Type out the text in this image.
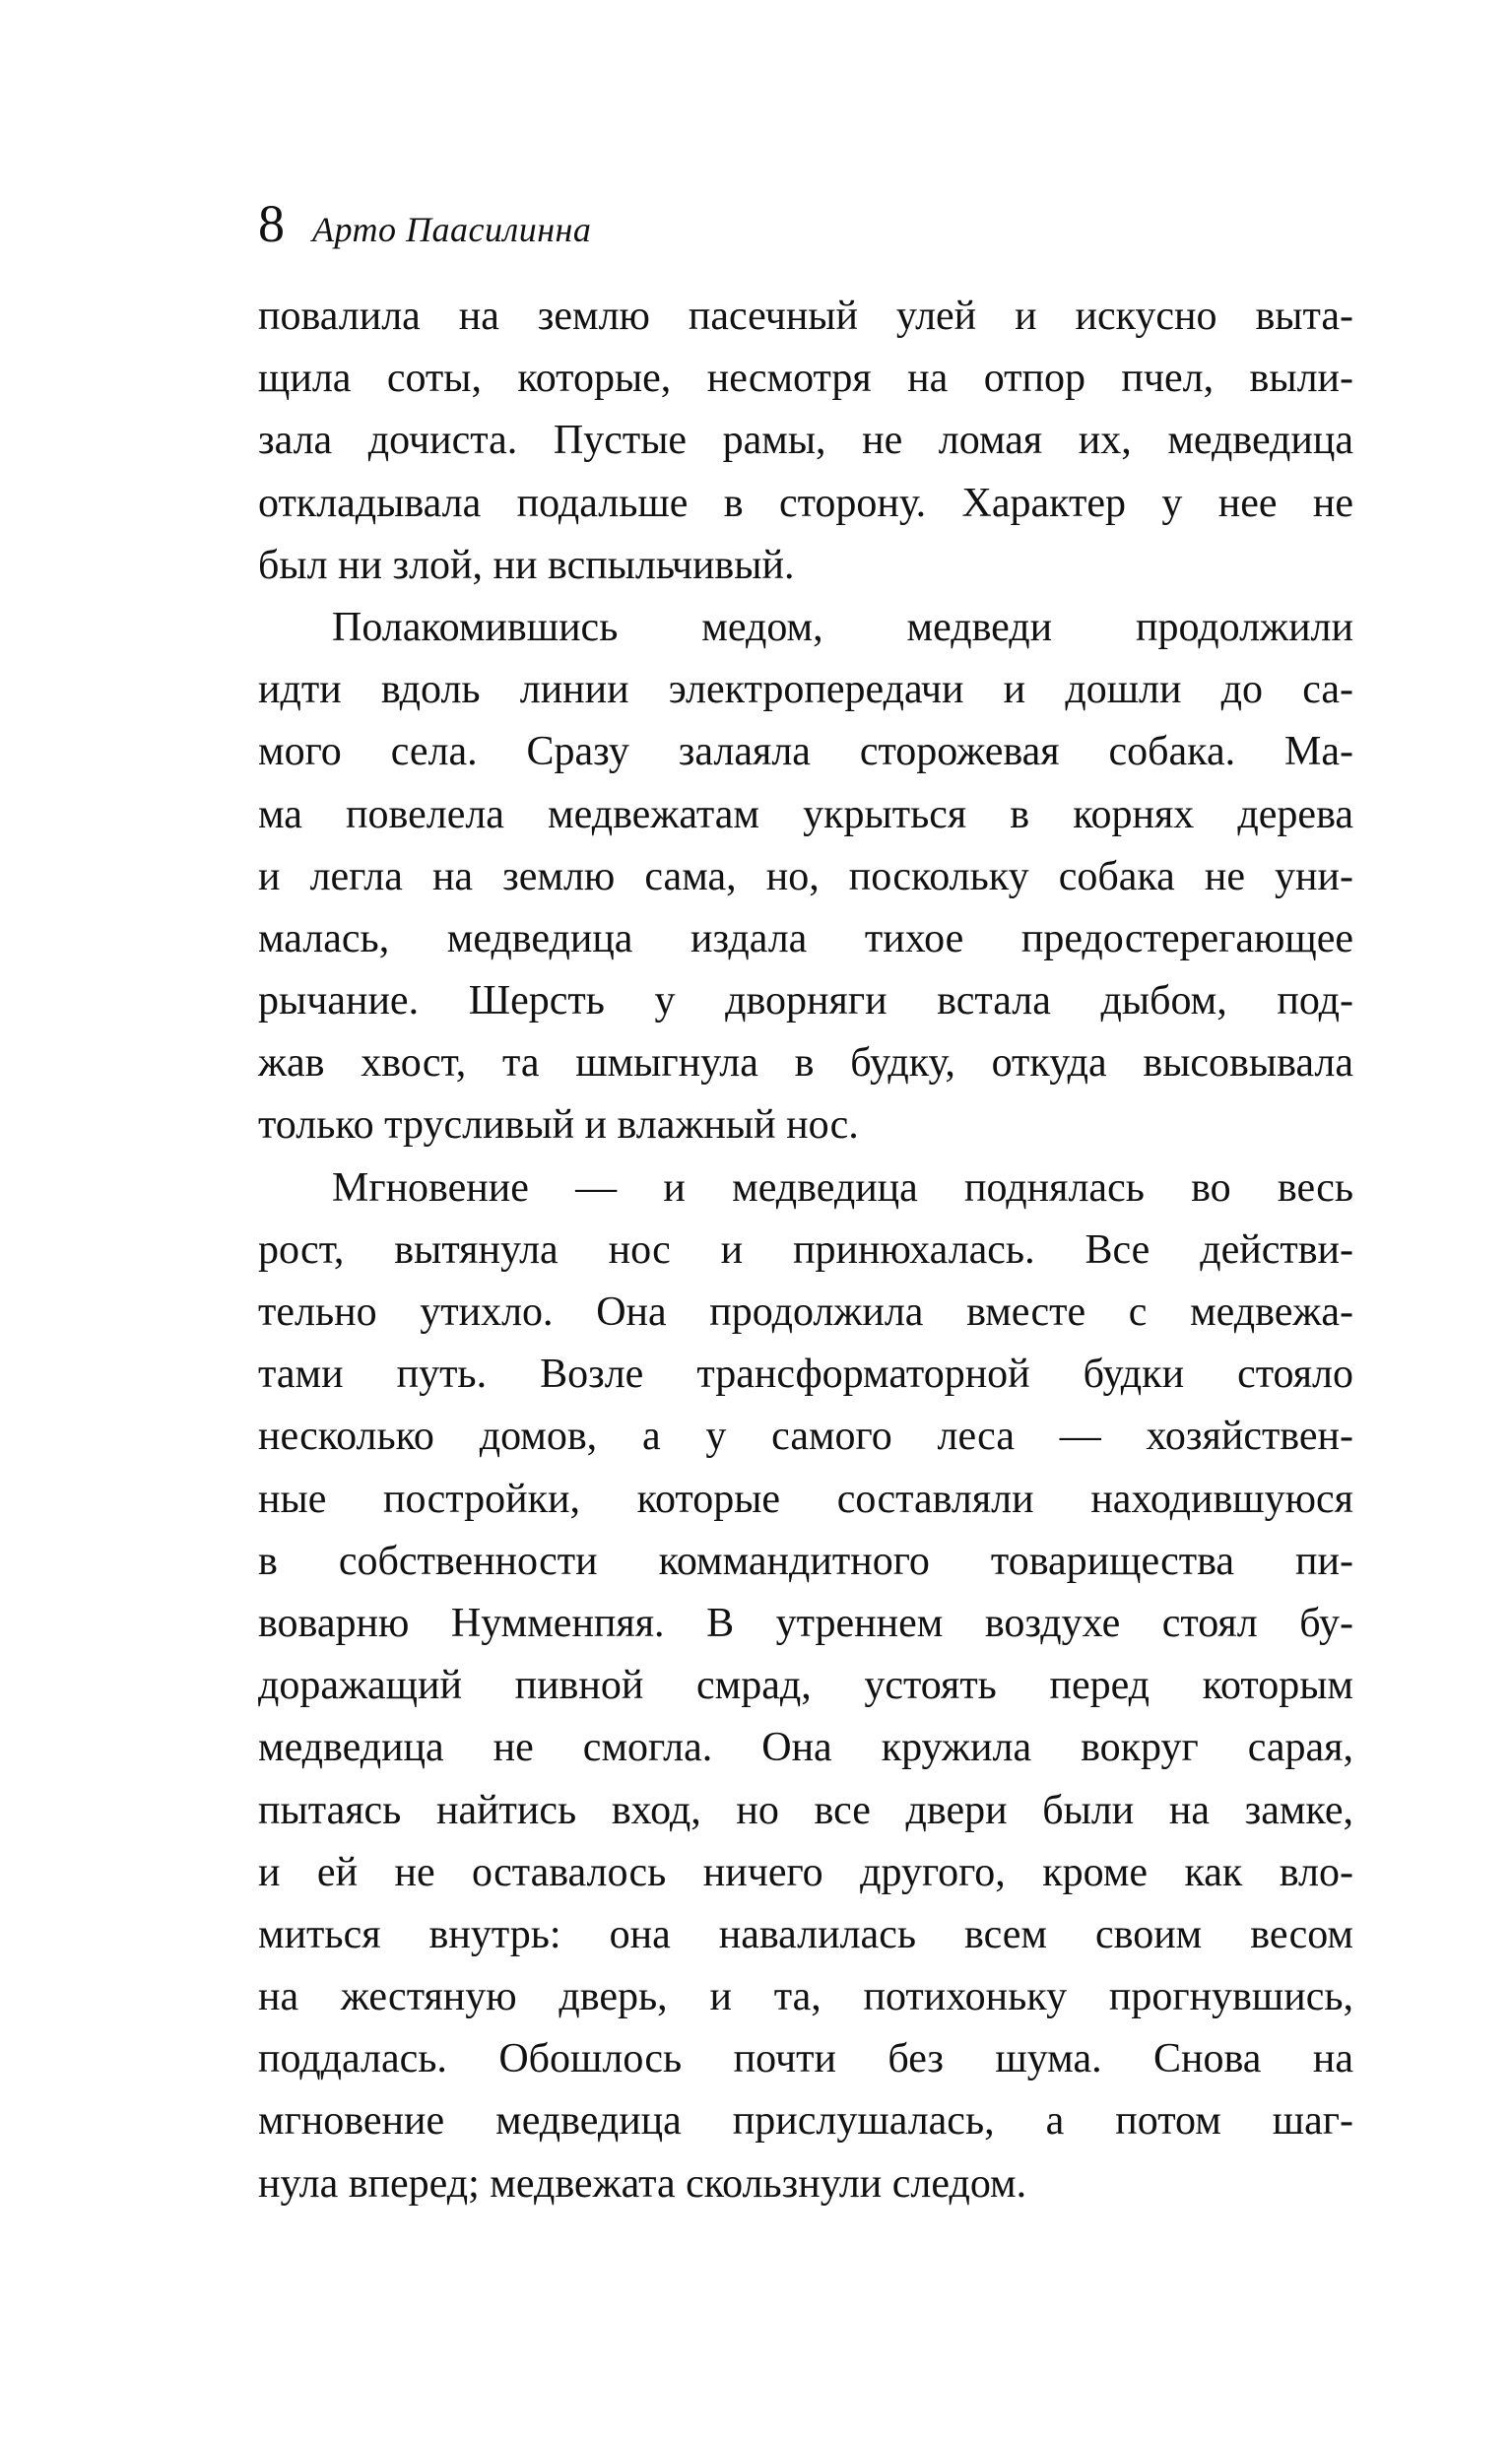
8 Арто Паасилинна
повалила на землю пасечный улей и искусно выта-
щила соты, которые, несмотря на отпор пчел, выли-
зала дочиста. Пустые рамы, не ломая их, медведица
откладывала подальше в сторону. Характер у нее не
был ни злой, ни вспыльчивый.
Полакомившись медом, медведи продолжили
идти вдоль линии электропередачи и дошли до са-
мого села. Сразу залаяла сторожевая собака. Ма-
ма повелела медвежатам укрыться в корнях дерева
и легла на землю сама, но, поскольку собака не уни-
малась, медведица издала тихое предостерегающее
рычание. Шерсть у дворняги встала дыбом, под-
жав хвост, та шмыгнула в будку, откуда высовывала
только трусливый и влажный нос.
Мгновение — и медведица поднялась во весь
рост, вытянула нос и принюхалась. Все действи-
тельно утихло. Она продолжила вместе с медвежа-
тами путь. Возле трансформаторной будки стояло
несколько домов, а у самого леса — хозяйствен-
ные постройки, которые составляли находившуюся
в собственности коммандитного товарищества пи-
воварню Нумменпяя. В утреннем воздухе стоял бу-
доражащий пивной смрад, устоять перед которым
медведица не смогла. Она кружила вокруг сарая,
пытаясь найтись вход, но все двери были на замке,
и ей не оставалось ничего другого, кроме как вло-
миться внутрь: она навалилась всем своим весом
на жестяную дверь, и та, потихоньку прогнувшись,
поддалась. Обошлось почти без шума. Снова на
мгновение медведица прислушалась, а потом шаг-
нула вперед; медвежата скользнули следом.
